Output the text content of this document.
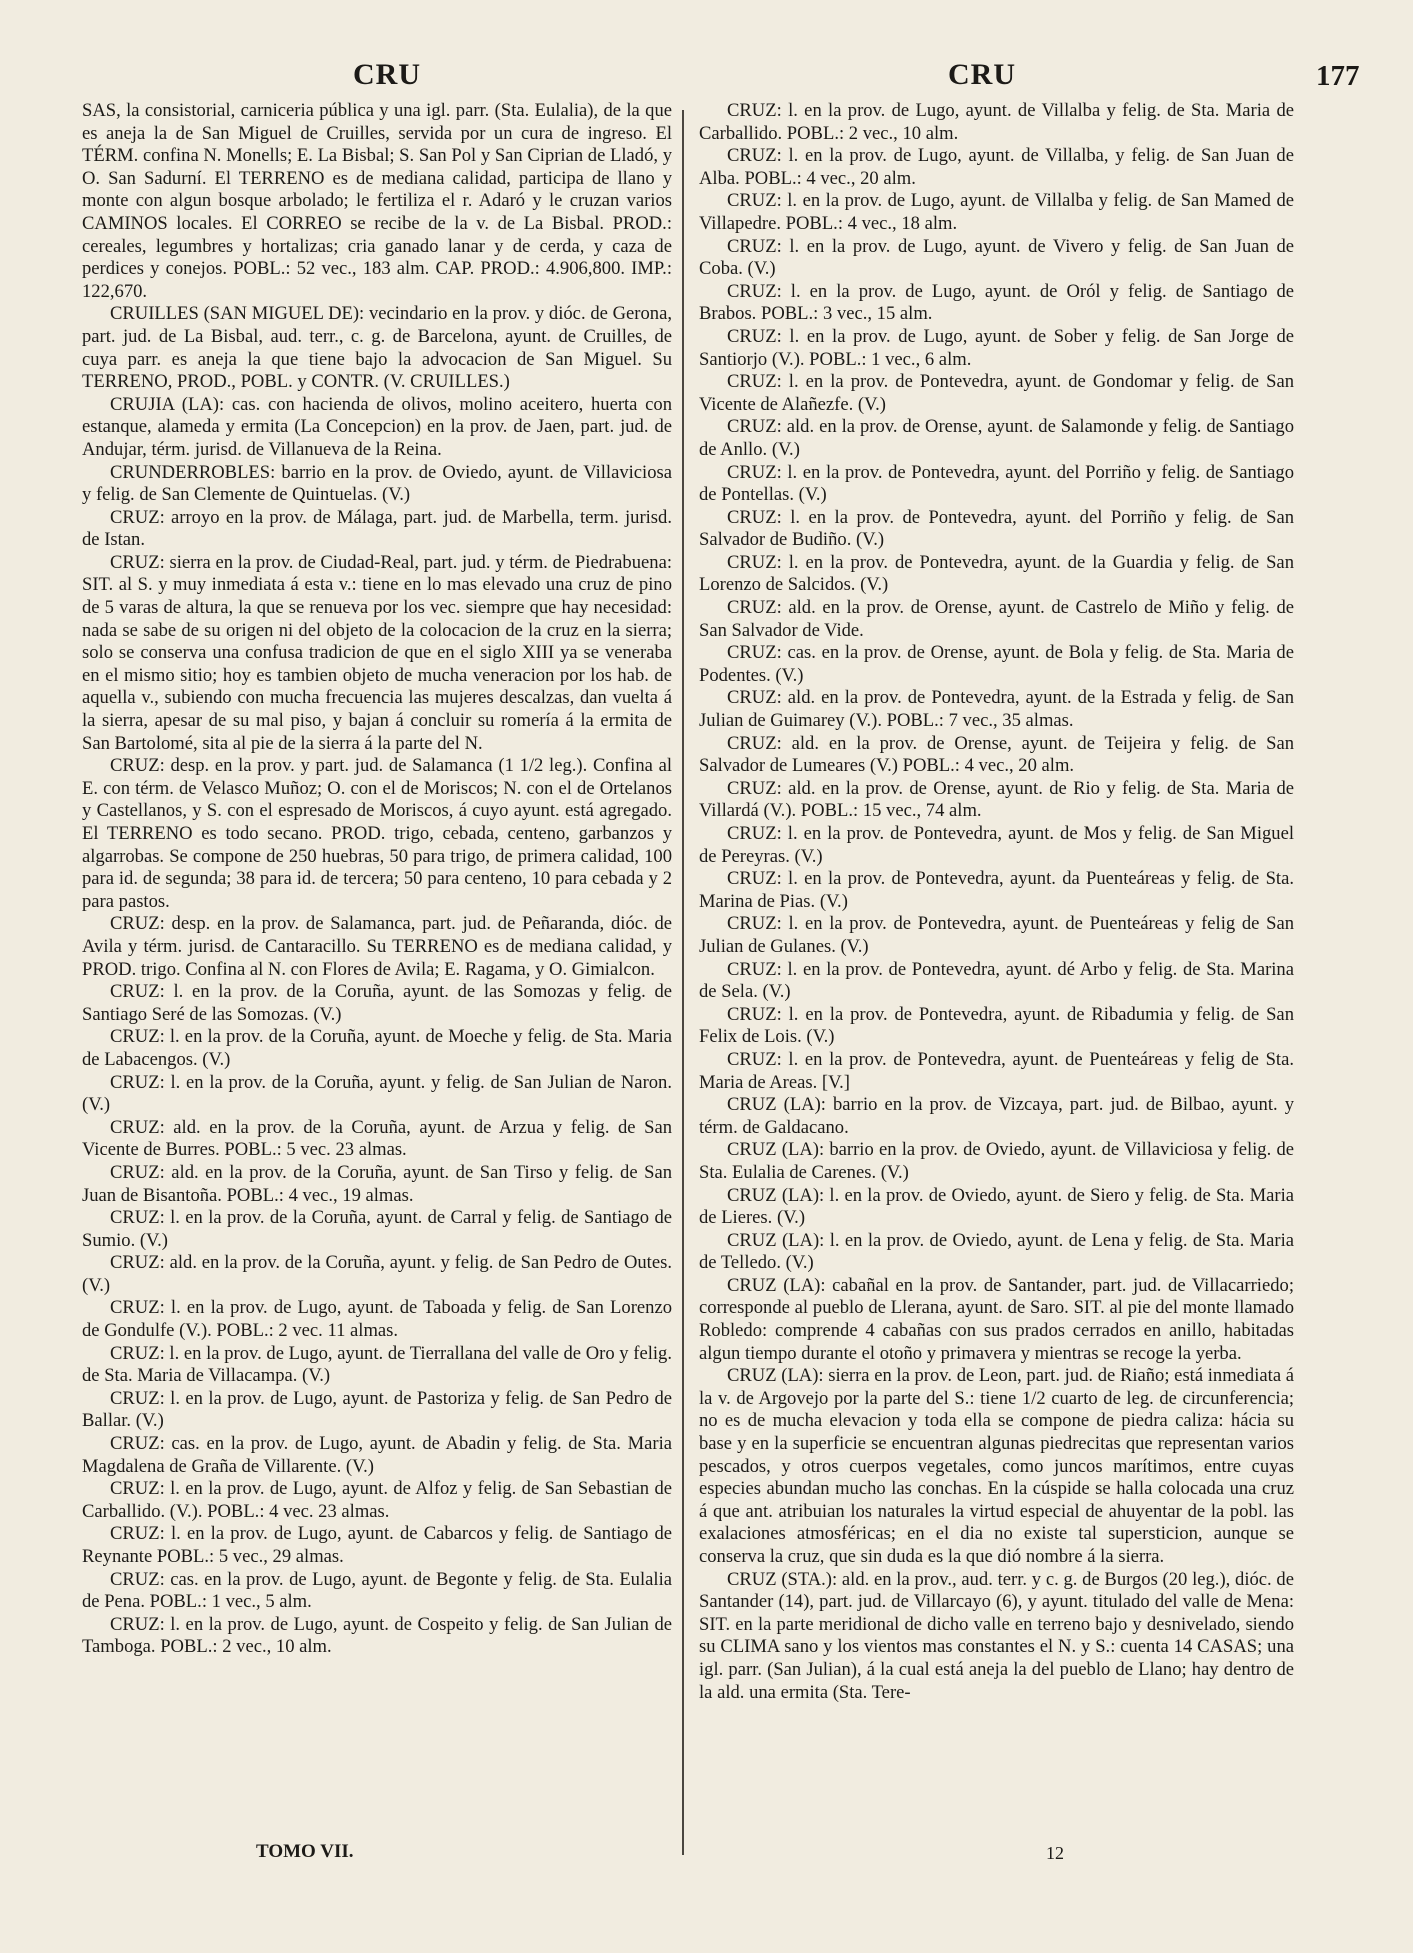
CRU	CRU	177

SAS, la consistorial, carniceria pública y una igl. parr. (Sta. Eulalia), de la que es aneja la de San Miguel de Cruilles, servida por un cura de ingreso. El TÉRM. confina N. Monells; E. La Bisbal; S. San Pol y San Ciprian de Lladó, y O. San Sadurní. El TERRENO es de mediana calidad, participa de llano y monte con algun bosque arbolado; le fertiliza el r. Adaró y le cruzan varios CAMINOS locales. El CORREO se recibe de la v. de La Bisbal. PROD.: cereales, legumbres y hortalizas; cria ganado lanar y de cerda, y caza de perdices y conejos. POBL.: 52 vec., 183 alm. CAP. PROD.: 4.906,800. IMP.: 122,670.

CRUILLES (SAN MIGUEL DE): vecindario en la prov. y dióc. de Gerona, part. jud. de La Bisbal, aud. terr., c. g. de Barcelona, ayunt. de Cruilles, de cuya parr. es aneja la que tiene bajo la advocacion de San Miguel. Su TERRENO, PROD., POBL. y CONTR. (V. CRUILLES.)

CRUJIA (LA): cas. con hacienda de olivos, molino aceitero, huerta con estanque, alameda y ermita (La Concepcion) en la prov. de Jaen, part. jud. de Andujar, térm. jurisd. de Villanueva de la Reina.

CRUNDERROBLES: barrio en la prov. de Oviedo, ayunt. de Villaviciosa y felig. de San Clemente de Quintuelas. (V.)

CRUZ: arroyo en la prov. de Málaga, part. jud. de Marbella, term. jurisd. de Istan.

CRUZ: sierra en la prov. de Ciudad-Real, part. jud. y térm. de Piedrabuena: SIT. al S. y muy inmediata á esta v.: tiene en lo mas elevado una cruz de pino de 5 varas de altura, la que se renueva por los vec. siempre que hay necesidad: nada se sabe de su origen ni del objeto de la colocacion de la cruz en la sierra; solo se conserva una confusa tradicion de que en el siglo XIII ya se veneraba en el mismo sitio; hoy es tambien objeto de mucha veneracion por los hab. de aquella v., subiendo con mucha frecuencia las mujeres descalzas, dan vuelta á la sierra, apesar de su mal piso, y bajan á concluir su romería á la ermita de San Bartolomé, sita al pie de la sierra á la parte del N.

CRUZ: desp. en la prov. y part. jud. de Salamanca (1 1/2 leg.). Confina al E. con térm. de Velasco Muñoz; O. con el de Moriscos; N. con el de Ortelanos y Castellanos, y S. con el espresado de Moriscos, á cuyo ayunt. está agregado. El TERRENO es todo secano. PROD. trigo, cebada, centeno, garbanzos y algarrobas. Se compone de 250 huebras, 50 para trigo, de primera calidad, 100 para id. de segunda; 38 para id. de tercera; 50 para centeno, 10 para cebada y 2 para pastos.

CRUZ: desp. en la prov. de Salamanca, part. jud. de Peñaranda, dióc. de Avila y térm. jurisd. de Cantaracillo. Su TERRENO es de mediana calidad, y PROD. trigo. Confina al N. con Flores de Avila; E. Ragama, y O. Gimialcon.

CRUZ: l. en la prov. de la Coruña, ayunt. de las Somozas y felig. de Santiago Seré de las Somozas. (V.)

CRUZ: l. en la prov. de la Coruña, ayunt. de Moeche y felig. de Sta. Maria de Labacengos. (V.)

CRUZ: l. en la prov. de la Coruña, ayunt. y felig. de San Julian de Naron. (V.)

CRUZ: ald. en la prov. de la Coruña, ayunt. de Arzua y felig. de San Vicente de Burres. POBL.: 5 vec. 23 almas.

CRUZ: ald. en la prov. de la Coruña, ayunt. de San Tirso y felig. de San Juan de Bisantoña. POBL.: 4 vec., 19 almas.

CRUZ: l. en la prov. de la Coruña, ayunt. de Carral y felig. de Santiago de Sumio. (V.)

CRUZ: ald. en la prov. de la Coruña, ayunt. y felig. de San Pedro de Outes. (V.)

CRUZ: l. en la prov. de Lugo, ayunt. de Taboada y felig. de San Lorenzo de Gondulfe (V.). POBL.: 2 vec. 11 almas.

CRUZ: l. en la prov. de Lugo, ayunt. de Tierrallana del valle de Oro y felig. de Sta. Maria de Villacampa. (V.)

CRUZ: l. en la prov. de Lugo, ayunt. de Pastoriza y felig. de San Pedro de Ballar. (V.)

CRUZ: cas. en la prov. de Lugo, ayunt. de Abadin y felig. de Sta. Maria Magdalena de Graña de Villarente. (V.)

CRUZ: l. en la prov. de Lugo, ayunt. de Alfoz y felig. de San Sebastian de Carballido. (V.). POBL.: 4 vec. 23 almas.

CRUZ: l. en la prov. de Lugo, ayunt. de Cabarcos y felig. de Santiago de Reynante POBL.: 5 vec., 29 almas.

CRUZ: cas. en la prov. de Lugo, ayunt. de Begonte y felig. de Sta. Eulalia de Pena. POBL.: 1 vec., 5 alm.

CRUZ: l. en la prov. de Lugo, ayunt. de Cospeito y felig. de San Julian de Tamboga. POBL.: 2 vec., 10 alm.

CRUZ: l. en la prov. de Lugo, ayunt. de Villalba y felig. de Sta. Maria de Carballido. POBL.: 2 vec., 10 alm.

CRUZ: l. en la prov. de Lugo, ayunt. de Villalba, y felig. de San Juan de Alba. POBL.: 4 vec., 20 alm.

CRUZ: l. en la prov. de Lugo, ayunt. de Villalba y felig. de San Mamed de Villapedre. POBL.: 4 vec., 18 alm.

CRUZ: l. en la prov. de Lugo, ayunt. de Vivero y felig. de San Juan de Coba. (V.)

CRUZ: l. en la prov. de Lugo, ayunt. de Oról y felig. de Santiago de Brabos. POBL.: 3 vec., 15 alm.

CRUZ: l. en la prov. de Lugo, ayunt. de Sober y felig. de San Jorge de Santiorjo (V.). POBL.: 1 vec., 6 alm.

CRUZ: l. en la prov. de Pontevedra, ayunt. de Gondomar y felig. de San Vicente de Alañezfe. (V.)

CRUZ: ald. en la prov. de Orense, ayunt. de Salamonde y felig. de Santiago de Anllo. (V.)

CRUZ: l. en la prov. de Pontevedra, ayunt. del Porriño y felig. de Santiago de Pontellas. (V.)

CRUZ: l. en la prov. de Pontevedra, ayunt. del Porriño y felig. de San Salvador de Budiño. (V.)

CRUZ: l. en la prov. de Pontevedra, ayunt. de la Guardia y felig. de San Lorenzo de Salcidos. (V.)

CRUZ: ald. en la prov. de Orense, ayunt. de Castrelo de Miño y felig. de San Salvador de Vide.

CRUZ: cas. en la prov. de Orense, ayunt. de Bola y felig. de Sta. Maria de Podentes. (V.)

CRUZ: ald. en la prov. de Pontevedra, ayunt. de la Estrada y felig. de San Julian de Guimarey (V.). POBL.: 7 vec., 35 almas.

CRUZ: ald. en la prov. de Orense, ayunt. de Teijeira y felig. de San Salvador de Lumeares (V.) POBL.: 4 vec., 20 alm.

CRUZ: ald. en la prov. de Orense, ayunt. de Rio y felig. de Sta. Maria de Villardá (V.). POBL.: 15 vec., 74 alm.

CRUZ: l. en la prov. de Pontevedra, ayunt. de Mos y felig. de San Miguel de Pereyras. (V.)

CRUZ: l. en la prov. de Pontevedra, ayunt. da Puenteáreas y felig. de Sta. Marina de Pias. (V.)

CRUZ: l. en la prov. de Pontevedra, ayunt. de Puenteáreas y felig de San Julian de Gulanes. (V.)

CRUZ: l. en la prov. de Pontevedra, ayunt. dé Arbo y felig. de Sta. Marina de Sela. (V.)

CRUZ: l. en la prov. de Pontevedra, ayunt. de Ribadumia y felig. de San Felix de Lois. (V.)

CRUZ: l. en la prov. de Pontevedra, ayunt. de Puenteáreas y felig de Sta. Maria de Areas. [V.]

CRUZ (LA): barrio en la prov. de Vizcaya, part. jud. de Bilbao, ayunt. y térm. de Galdacano.

CRUZ (LA): barrio en la prov. de Oviedo, ayunt. de Villaviciosa y felig. de Sta. Eulalia de Carenes. (V.)

CRUZ (LA): l. en la prov. de Oviedo, ayunt. de Siero y felig. de Sta. Maria de Lieres. (V.)

CRUZ (LA): l. en la prov. de Oviedo, ayunt. de Lena y felig. de Sta. Maria de Telledo. (V.)

CRUZ (LA): cabañal en la prov. de Santander, part. jud. de Villacarriedo; corresponde al pueblo de Llerana, ayunt. de Saro. SIT. al pie del monte llamado Robledo: comprende 4 cabañas con sus prados cerrados en anillo, habitadas algun tiempo durante el otoño y primavera y mientras se recoge la yerba.

CRUZ (LA): sierra en la prov. de Leon, part. jud. de Riaño; está inmediata á la v. de Argovejo por la parte del S.: tiene 1/2 cuarto de leg. de circunferencia; no es de mucha elevacion y toda ella se compone de piedra caliza: hácia su base y en la superficie se encuentran algunas piedrecitas que representan varios pescados, y otros cuerpos vegetales, como juncos marítimos, entre cuyas especies abundan mucho las conchas. En la cúspide se halla colocada una cruz á que ant. atribuian los naturales la virtud especial de ahuyentar de la pobl. las exalaciones atmosféricas; en el dia no existe tal supersticion, aunque se conserva la cruz, que sin duda es la que dió nombre á la sierra.

CRUZ (STA.): ald. en la prov., aud. terr. y c. g. de Burgos (20 leg.), dióc. de Santander (14), part. jud. de Villarcayo (6), y ayunt. titulado del valle de Mena: SIT. en la parte meridional de dicho valle en terreno bajo y desnivelado, siendo su CLIMA sano y los vientos mas constantes el N. y S.: cuenta 14 CASAS; una igl. parr. (San Julian), á la cual está aneja la del pueblo de Llano; hay dentro de la ald. una ermita (Sta. Tere-

TOMO VII.	12
